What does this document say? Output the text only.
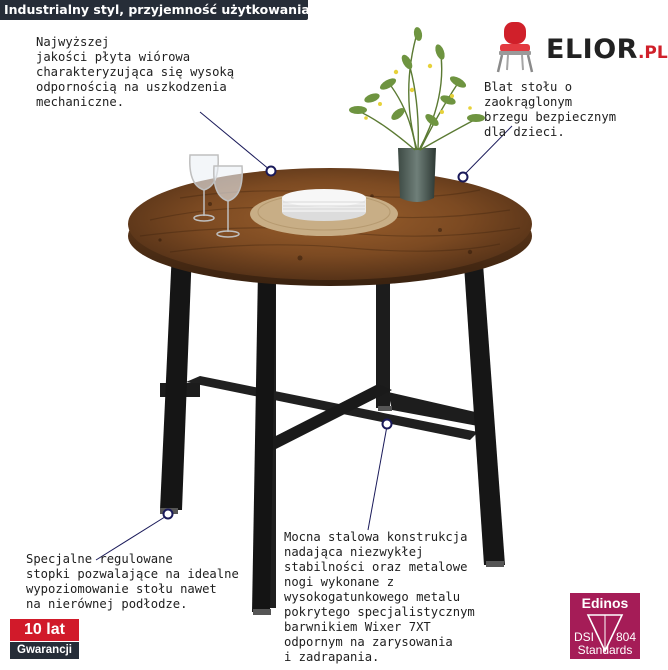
Industrialny styl, przyjemność użytkowania!
ELIOR.PL
Najwyższej
jakości płyta wiórowa
charakteryzująca się wysoką
odpornością na uszkodzenia
mechaniczne.
Blat stołu o
zaokrąglonym
brzegu bezpiecznym
dla dzieci.
Specjalne regulowane
stopki pozwalające na idealne
wypoziomowanie stołu nawet
na nierównej podłodze.
Mocna stalowa konstrukcja
nadająca niezwykłej
stabilności oraz metalowe
nogi wykonane z
wysokogatunkowego metalu
pokrytego specjalistycznym
barwnikiem Wixer 7XT
odpornym na zarysowania
i zadrapania.
10 lat
Gwarancji
Edinos
DSI 804
Standards
